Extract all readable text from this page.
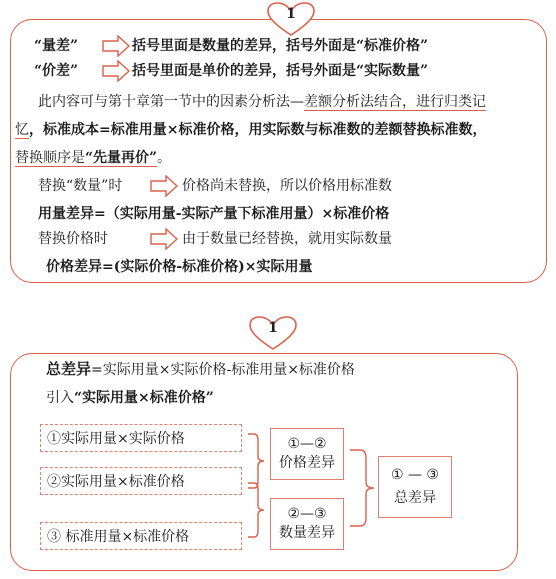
1
“量差”	括号里面是数量的差异，括号外面是“标准价格”
“价差”	括号里面是单价的差异，括号外面是“实际数量”
此内容可与第十章第一节中的因素分析法—差额分析法结合，进行归类记
忆，标准成本=标准用量×标准价格，用实际数与标准数的差额替换标准数，
替换顺序是“先量再价”。
替换“数量”时	价格尚未替换，所以价格用标准数
用量差异=（实际用量-实际产量下标准用量）×标准价格
替换价格时	由于数量已经替换，就用实际数量
价格差异=(实际价格-标准价格)×实际用量
1
总差异=实际用量×实际价格-标准用量×标准价格
引入“实际用量×标准价格”
①实际用量×实际价格
②实际用量×标准价格
③ 标准用量×标准价格
①—②
价格差异
②—③
数量差异
① — ③
总差异
